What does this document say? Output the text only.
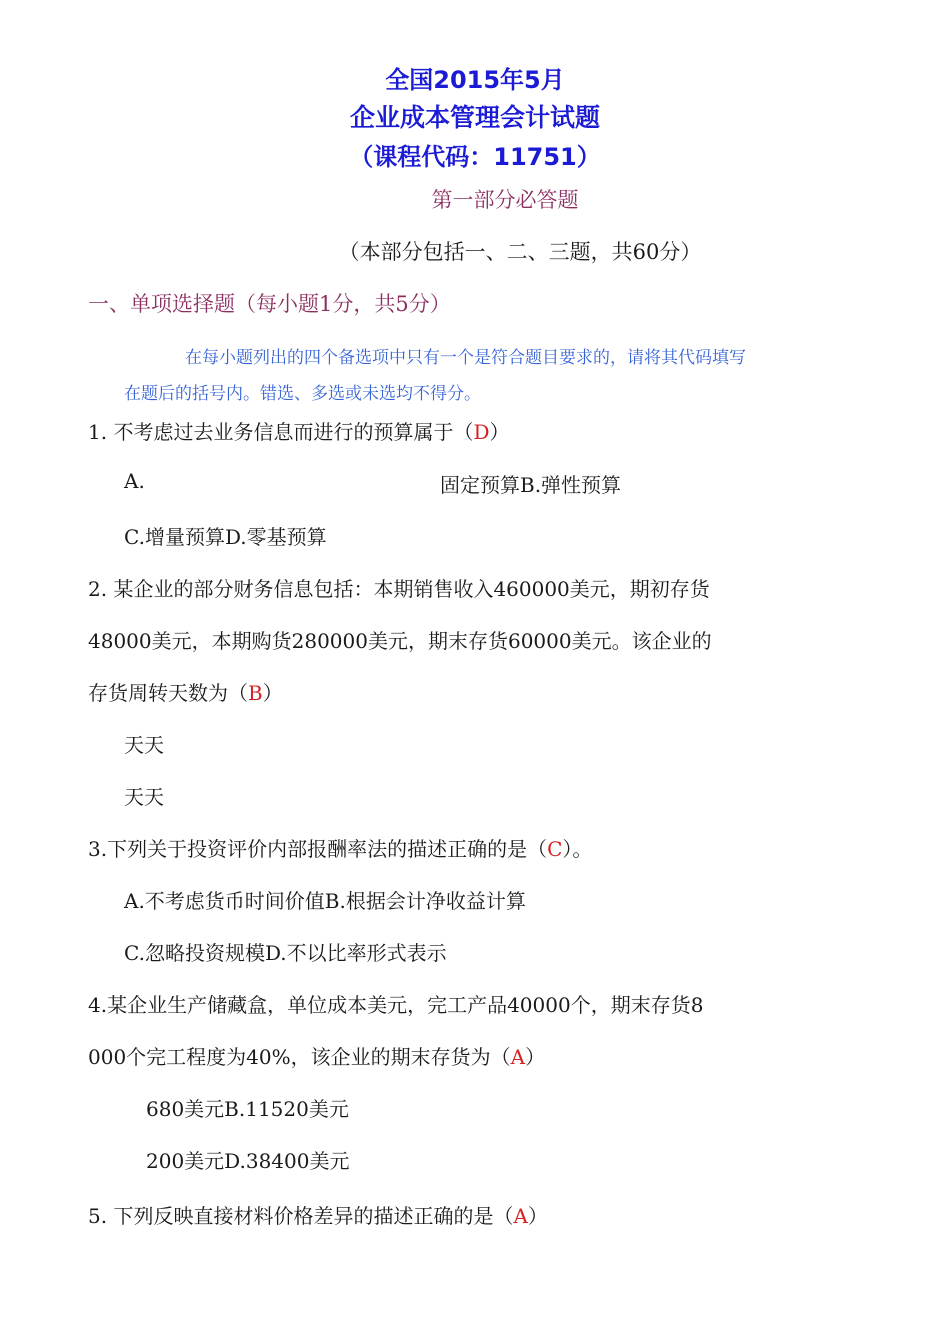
全国2015年5月
企业成本管理会计试题
（课程代码：11751）
第一部分必答题
（本部分包括一、二、三题，共60分）
一、单项选择题（每小题1分，共5分）
在每小题列出的四个备选项中只有一个是符合题目要求的，请将其代码填写
在题后的括号内。错选、多选或未选均不得分。
1. 不考虑过去业务信息而进行的预算属于（D）
A.	固定预算B.弹性预算
C.增量预算D.零基预算
2. 某企业的部分财务信息包括：本期销售收入460000美元，期初存货
48000美元，本期购货280000美元，期末存货60000美元。该企业的
存货周转天数为（B）
天天
天天
3.下列关于投资评价内部报酬率法的描述正确的是（C）。
A.不考虑货币时间价值B.根据会计净收益计算
C.忽略投资规模D.不以比率形式表示
4.某企业生产储藏盒，单位成本美元，完工产品40000个，期末存货8
000个完工程度为40%，该企业的期末存货为（A）
680美元B.11520美元
200美元D.38400美元
5. 下列反映直接材料价格差异的描述正确的是（A）
